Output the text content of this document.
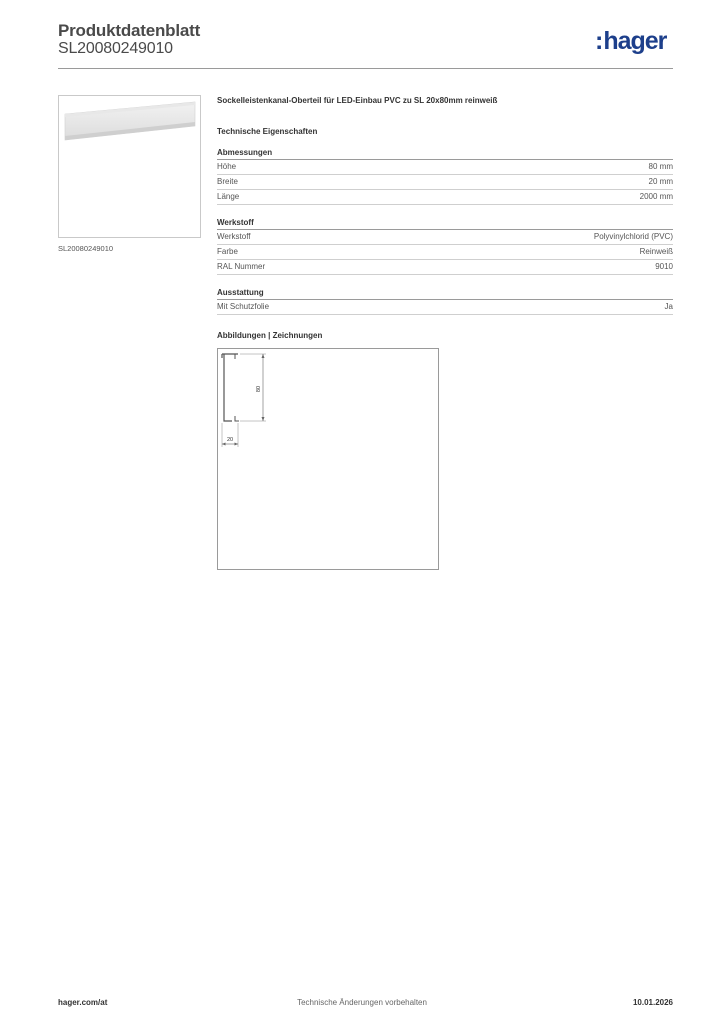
Produktdatenblatt
SL20080249010	:hager
SL20080249010
Sockelleistenkanal-Oberteil für LED-Einbau PVC zu SL 20x80mm reinweiß
Technische Eigenschaften
Abmessungen
Höhe	80 mm
Breite	20 mm
Länge	2000 mm
Werkstoff
Werkstoff	Polyvinylchlorid (PVC)
Farbe	Reinweiß
RAL Nummer	9010
Ausstattung
Mit Schutzfolie	Ja
Abbildungen | Zeichnungen
80
20
Technische Änderungen vorbehalten
hager.com/at	10.01.2026
